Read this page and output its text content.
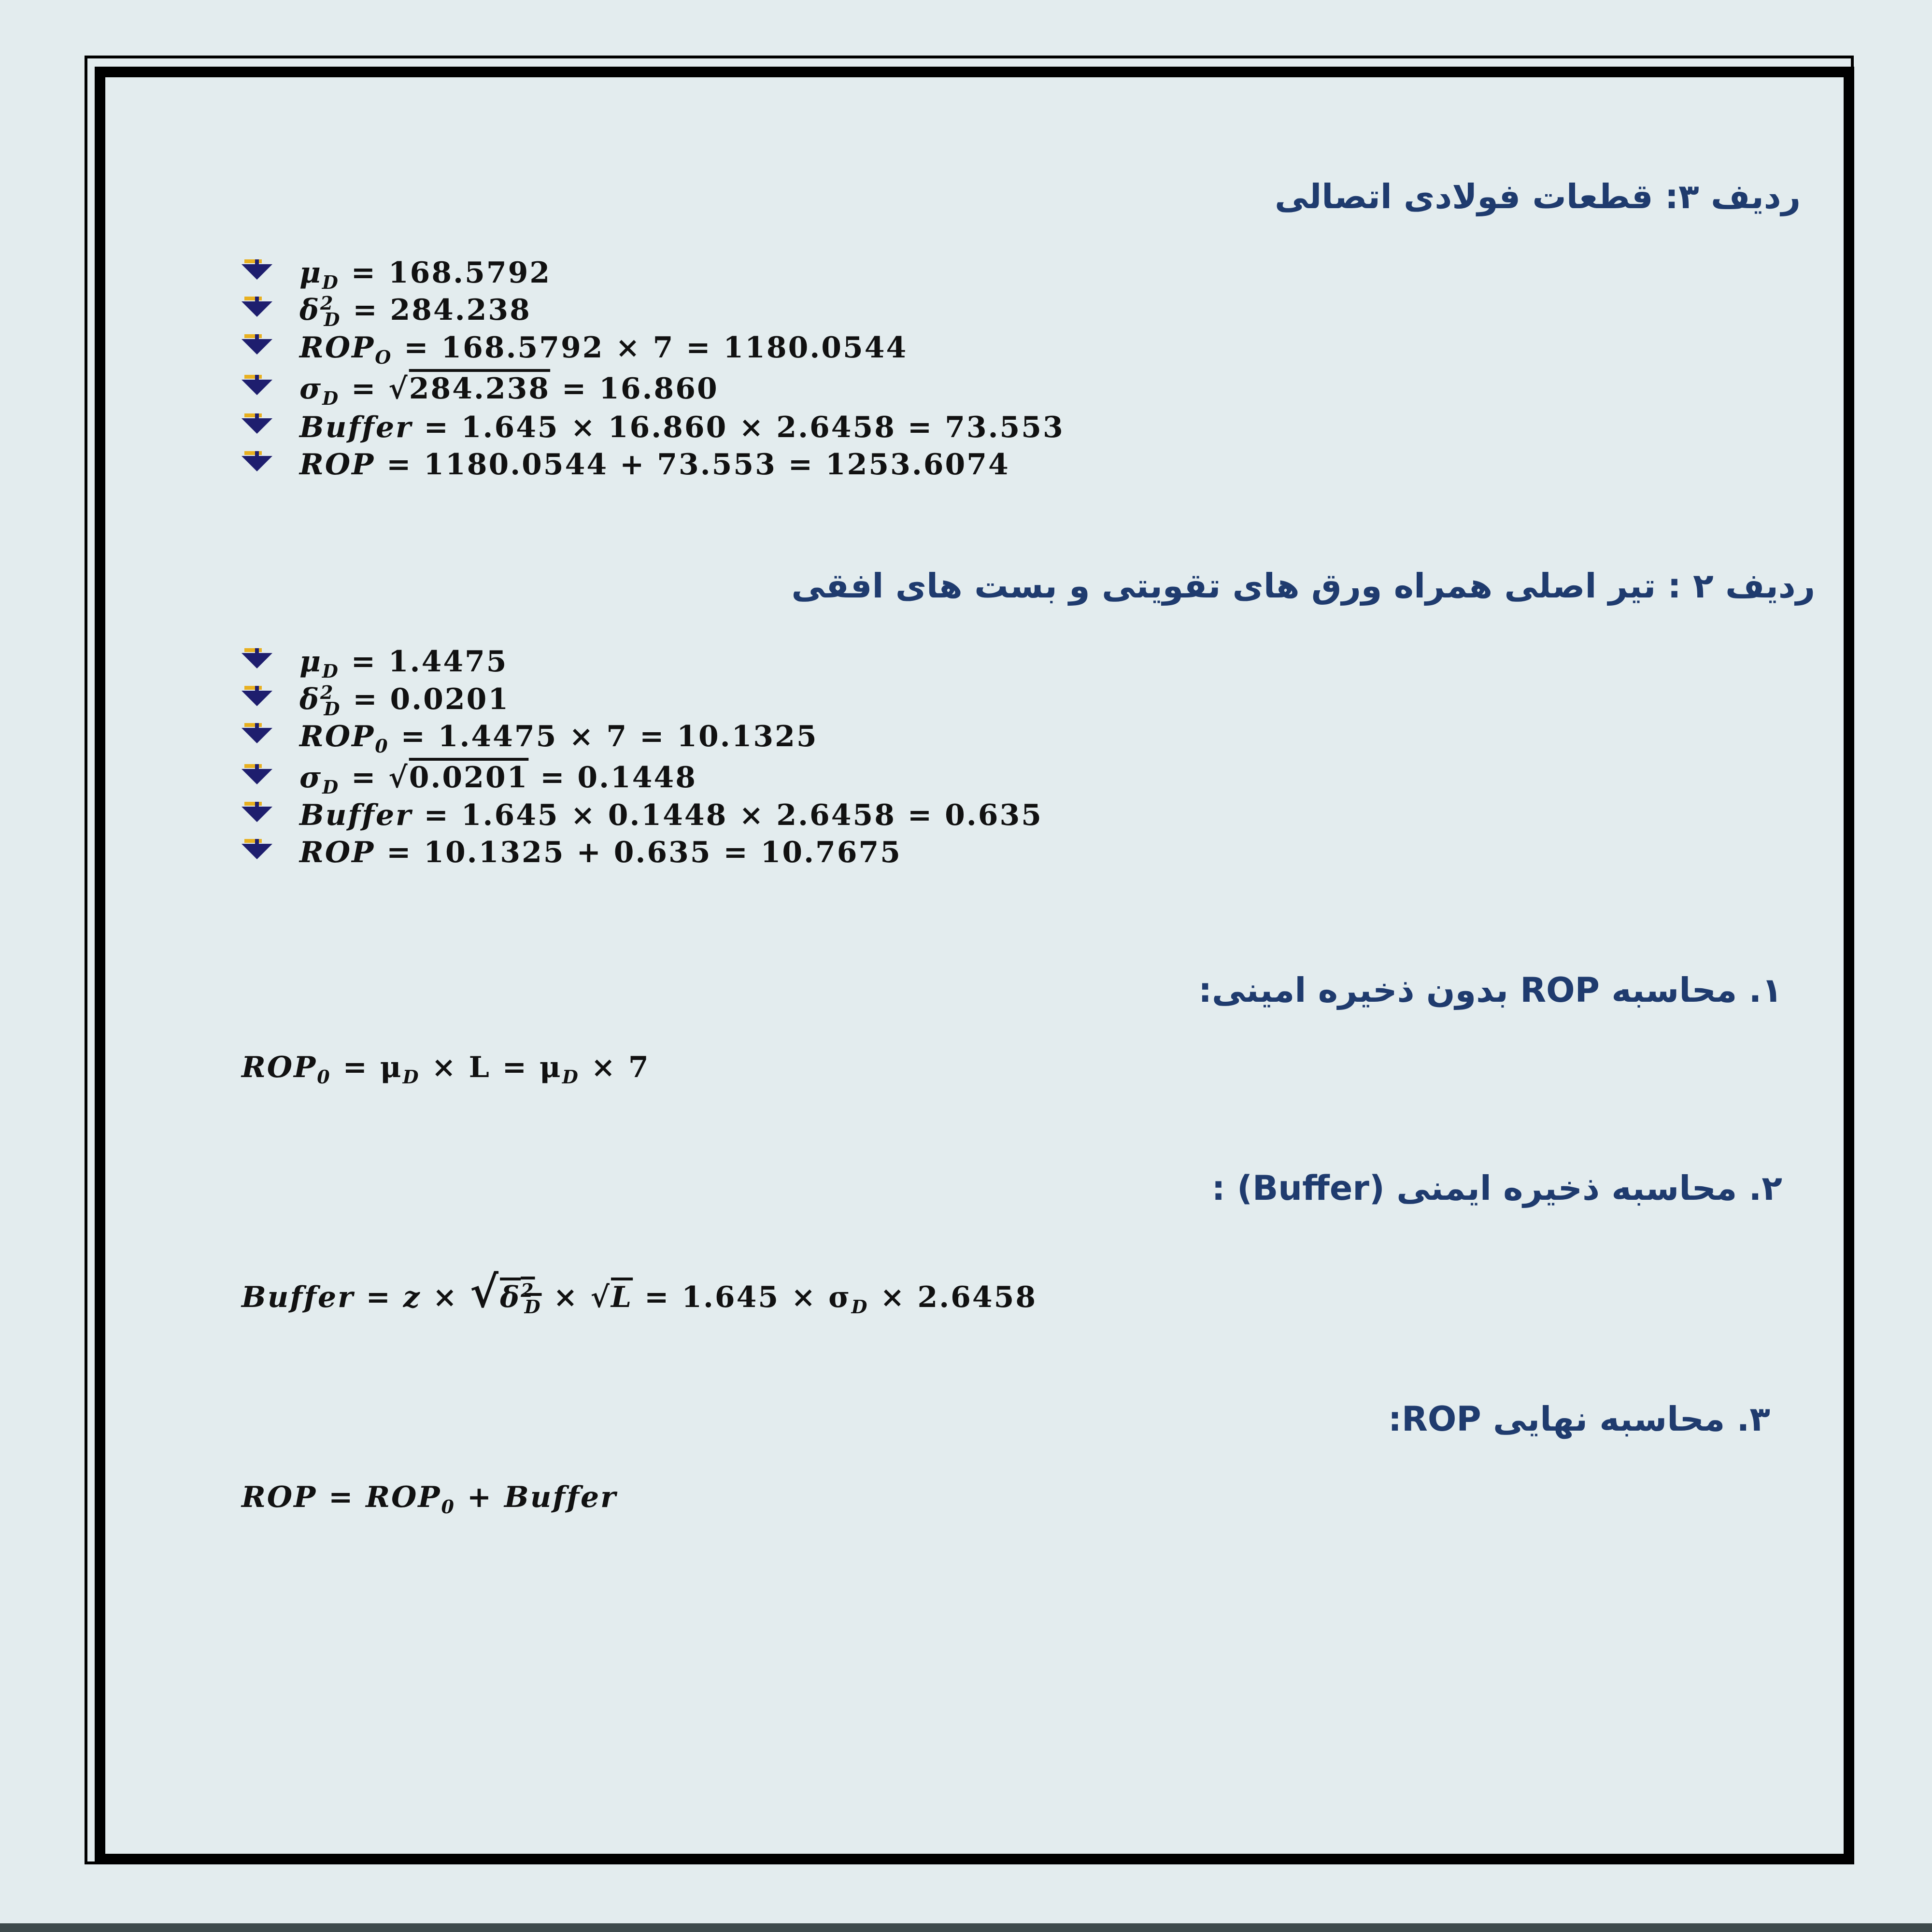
ردیف ۳: قطعات فولادی اتصالی
$\mu_D = 168.5792$
$\delta^2_D = 284.238$
$ROP_O = 168.5792 \times 7 = 1180.0544$
$\sigma_D = √284.238 = 16.860$
Buffer = 1.645 × 16.860 × 2.6458 = 73.553
ROP = 1180.0544 + 73.553 = 1253.6074
ردیف ۲ : تیر اصلی همراه ورق های تقویتی و بست های افقی
$\mu_D = 1.4475$
$\delta^2_D = 0.0201$
$ROP_0 = 1.4475 \times 7 = 10.1325$
$\sigma_D = √0.0201 = 0.1448$
Buffer = 1.645 × 0.1448 × 2.6458 = 0.635
ROP = 10.1325 + 0.635 = 10.7675
۱. محاسبه ROP بدون ذخیره امینی:
$ROP_0 = \mu_D \times L = \mu_D \times 7$
۲. محاسبه ذخیره ایمنی (Buffer) :
Buffer = $z \times √\delta^2_D \times √L = 1.645 \times \sigma_D \times 2.6458$
۳. محاسبه نهایی ROP:
ROP = $ROP_0$ + Buffer
